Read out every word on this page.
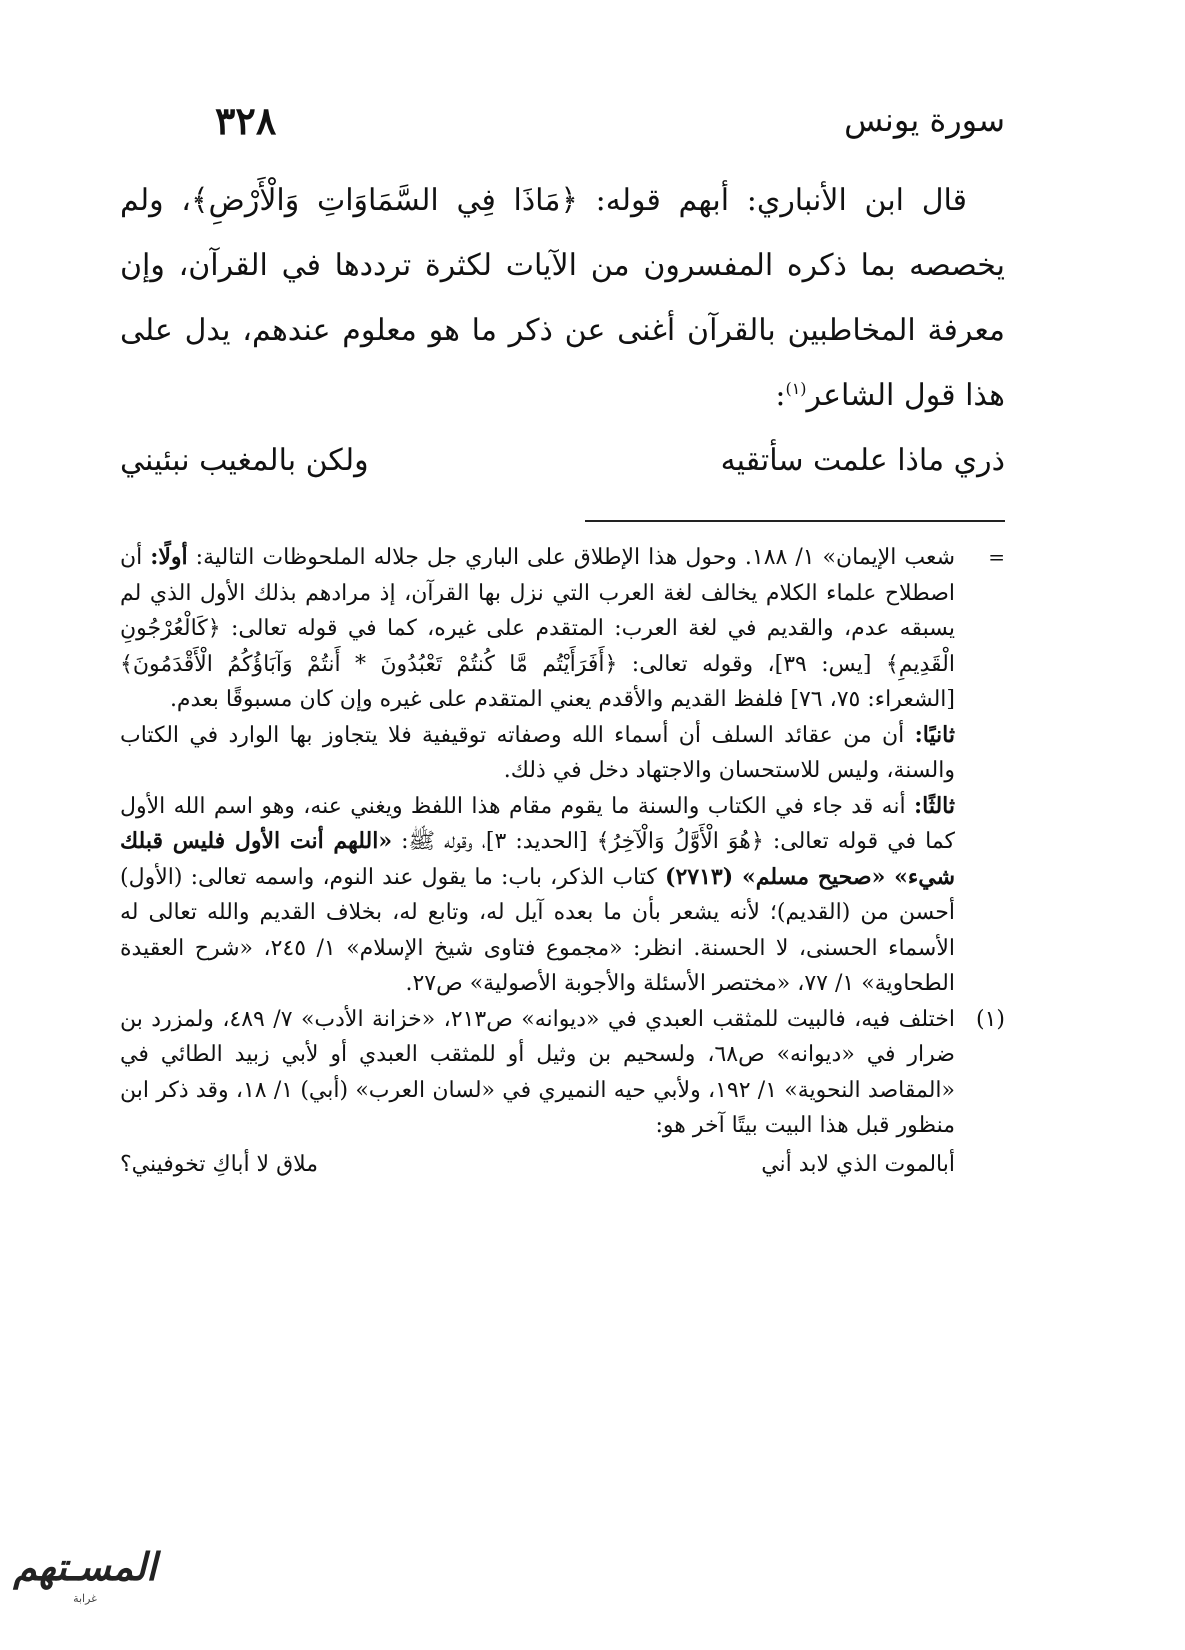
سورة يونس
٣٢٨

قال ابن الأنباري: أبهم قوله: ﴿مَاذَا فِي السَّمَاوَاتِ وَالْأَرْضِ﴾، ولم يخصصه بما ذكره المفسرون من الآيات لكثرة ترددها في القرآن، وإن معرفة المخاطبين بالقرآن أغنى عن ذكر ما هو معلوم عندهم، يدل على هذا قول الشاعر$^{(١)}$:

ذري ماذا علمت سأتقيه
ولكن بالمغيب نبئيني
=

شعب الإيمان» ١/ ١٨٨. وحول هذا الإطلاق على الباري جل جلاله الملحوظات التالية: أولًا: أن اصطلاح علماء الكلام يخالف لغة العرب التي نزل بها القرآن، إذ مرادهم بذلك الأول الذي لم يسبقه عدم، والقديم في لغة العرب: المتقدم على غيره، كما في قوله تعالى: ﴿كَالْعُرْجُونِ الْقَدِيمِ﴾ [يس: ٣٩]، وقوله تعالى: ﴿أَفَرَأَيْتُم مَّا كُنتُمْ تَعْبُدُونَ * أَنتُمْ وَآبَاؤُكُمُ الْأَقْدَمُونَ﴾ [الشعراء: ٧٥، ٧٦] فلفظ القديم والأقدم يعني المتقدم على غيره وإن كان مسبوقًا بعدم.

ثانيًا: أن من عقائد السلف أن أسماء الله وصفاته توقيفية فلا يتجاوز بها الوارد في الكتاب والسنة، وليس للاستحسان والاجتهاد دخل في ذلك.

ثالثًا: أنه قد جاء في الكتاب والسنة ما يقوم مقام هذا اللفظ ويغني عنه، وهو اسم الله الأول كما في قوله تعالى: ﴿هُوَ الْأَوَّلُ وَالْآخِرُ﴾ [الحديد: ٣]، وقوله ﷺ: «اللهم أنت الأول فليس قبلك شيء» «صحيح مسلم» (٢٧١٣) كتاب الذكر، باب: ما يقول عند النوم، واسمه تعالى: (الأول) أحسن من (القديم)؛ لأنه يشعر بأن ما بعده آيل له، وتابع له، بخلاف القديم والله تعالى له الأسماء الحسنى، لا الحسنة. انظر: «مجموع فتاوى شيخ الإسلام» ١/ ٢٤٥، «شرح العقيدة الطحاوية» ١/ ٧٧، «مختصر الأسئلة والأجوبة الأصولية» ص٢٧.

(١)

اختلف فيه، فالبيت للمثقب العبدي في «ديوانه» ص٢١٣، «خزانة الأدب» ٧/ ٤٨٩، ولمزرد بن ضرار في «ديوانه» ص٦٨، ولسحيم بن وثيل أو للمثقب العبدي أو لأبي زبيد الطائي في «المقاصد النحوية» ١/ ١٩٢، ولأبي حيه النميري في «لسان العرب» (أبي) ١/ ١٨، وقد ذكر ابن منظور قبل هذا البيت بيتًا آخر هو:

أبالموت الذي لابد أني
ملاق لا أباكِ تخوفيني؟
المسـتهم
غرابة
